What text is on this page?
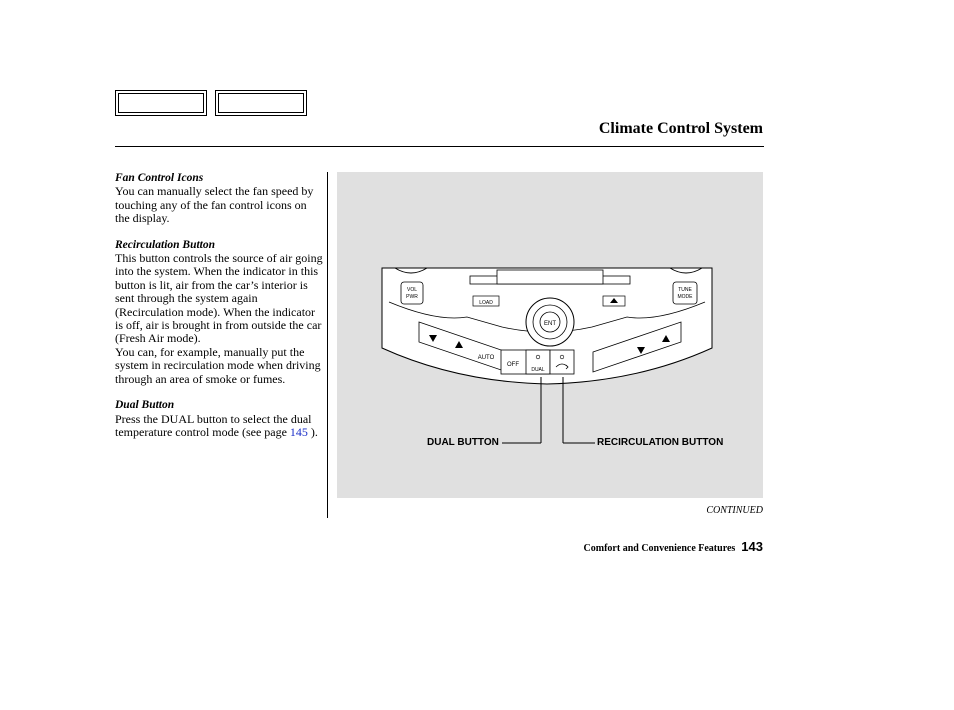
Climate Control System
Fan Control Icons

You can manually select the fan speed by touching any of the fan control icons on the display.

Recirculation Button

This button controls the source of air going into the system. When the indicator in this button is lit, air from the car’s interior is sent through the system again (Recirculation mode). When the indicator is off, air is brought in from outside the car (Fresh Air mode).

You can, for example, manually put the system in recirculation mode when driving through an area of smoke or fumes.

Dual Button

Press the DUAL button to select the dual temperature control mode (see page 145 ).

VOL
PWR
TUNE
MODE
LOAD
ENT
AUTO
OFF
DUAL
DUAL BUTTON	RECIRCULATION BUTTON
CONTINUED
Comfort and Convenience Features 143
